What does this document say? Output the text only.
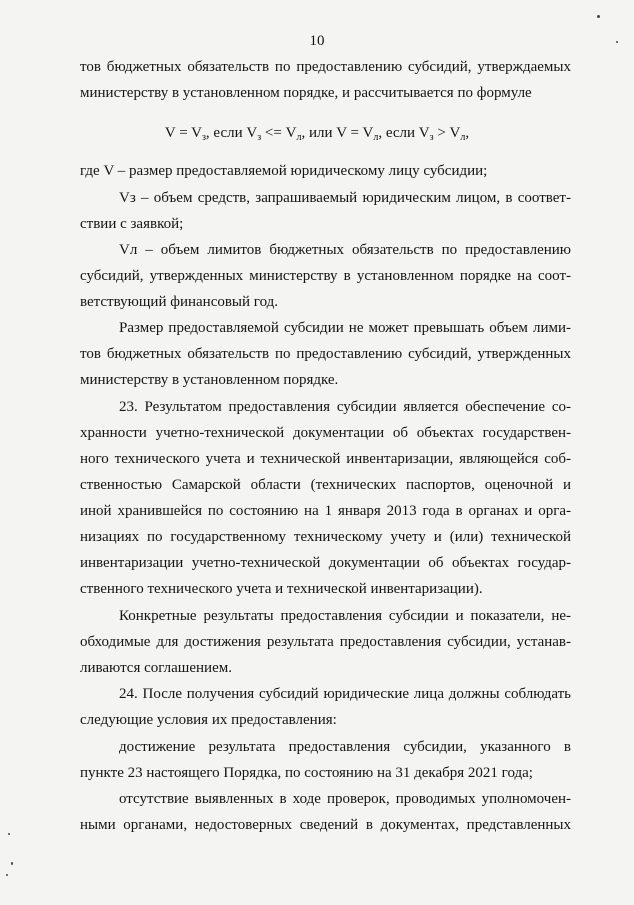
10
тов бюджетных обязательств по предоставлению субсидий, утверждаемых
министерству в установленном порядке, и рассчитывается по формуле
$V = V_з$, если $V_з <= V_л$, или $V = V_л$, если $V_з > V_л$,
где V – размер предоставляемой юридическому лицу субсидии;
Vз – объем средств, запрашиваемый юридическим лицом, в соответ-
ствии с заявкой;
Vл – объем лимитов бюджетных обязательств по предоставлению
субсидий, утвержденных министерству в установленном порядке на соот-
ветствующий финансовый год.
Размер предоставляемой субсидии не может превышать объем лими-
тов бюджетных обязательств по предоставлению субсидий, утвержденных
министерству в установленном порядке.
23. Результатом предоставления субсидии является обеспечение со-
хранности учетно-технической документации об объектах государствен-
ного технического учета и технической инвентаризации, являющейся соб-
ственностью Самарской области (технических паспортов, оценочной и
иной хранившейся по состоянию на 1 января 2013 года в органах и орга-
низациях по государственному техническому учету и (или) технической
инвентаризации учетно-технической документации об объектах государ-
ственного технического учета и технической инвентаризации).
Конкретные результаты предоставления субсидии и показатели, не-
обходимые для достижения результата предоставления субсидии, устанав-
ливаются соглашением.
24. После получения субсидий юридические лица должны соблюдать
следующие условия их предоставления:
достижение результата предоставления субсидии, указанного в
пункте 23 настоящего Порядка, по состоянию на 31 декабря 2021 года;
отсутствие выявленных в ходе проверок, проводимых уполномочен-
ными органами, недостоверных сведений в документах, представленных
